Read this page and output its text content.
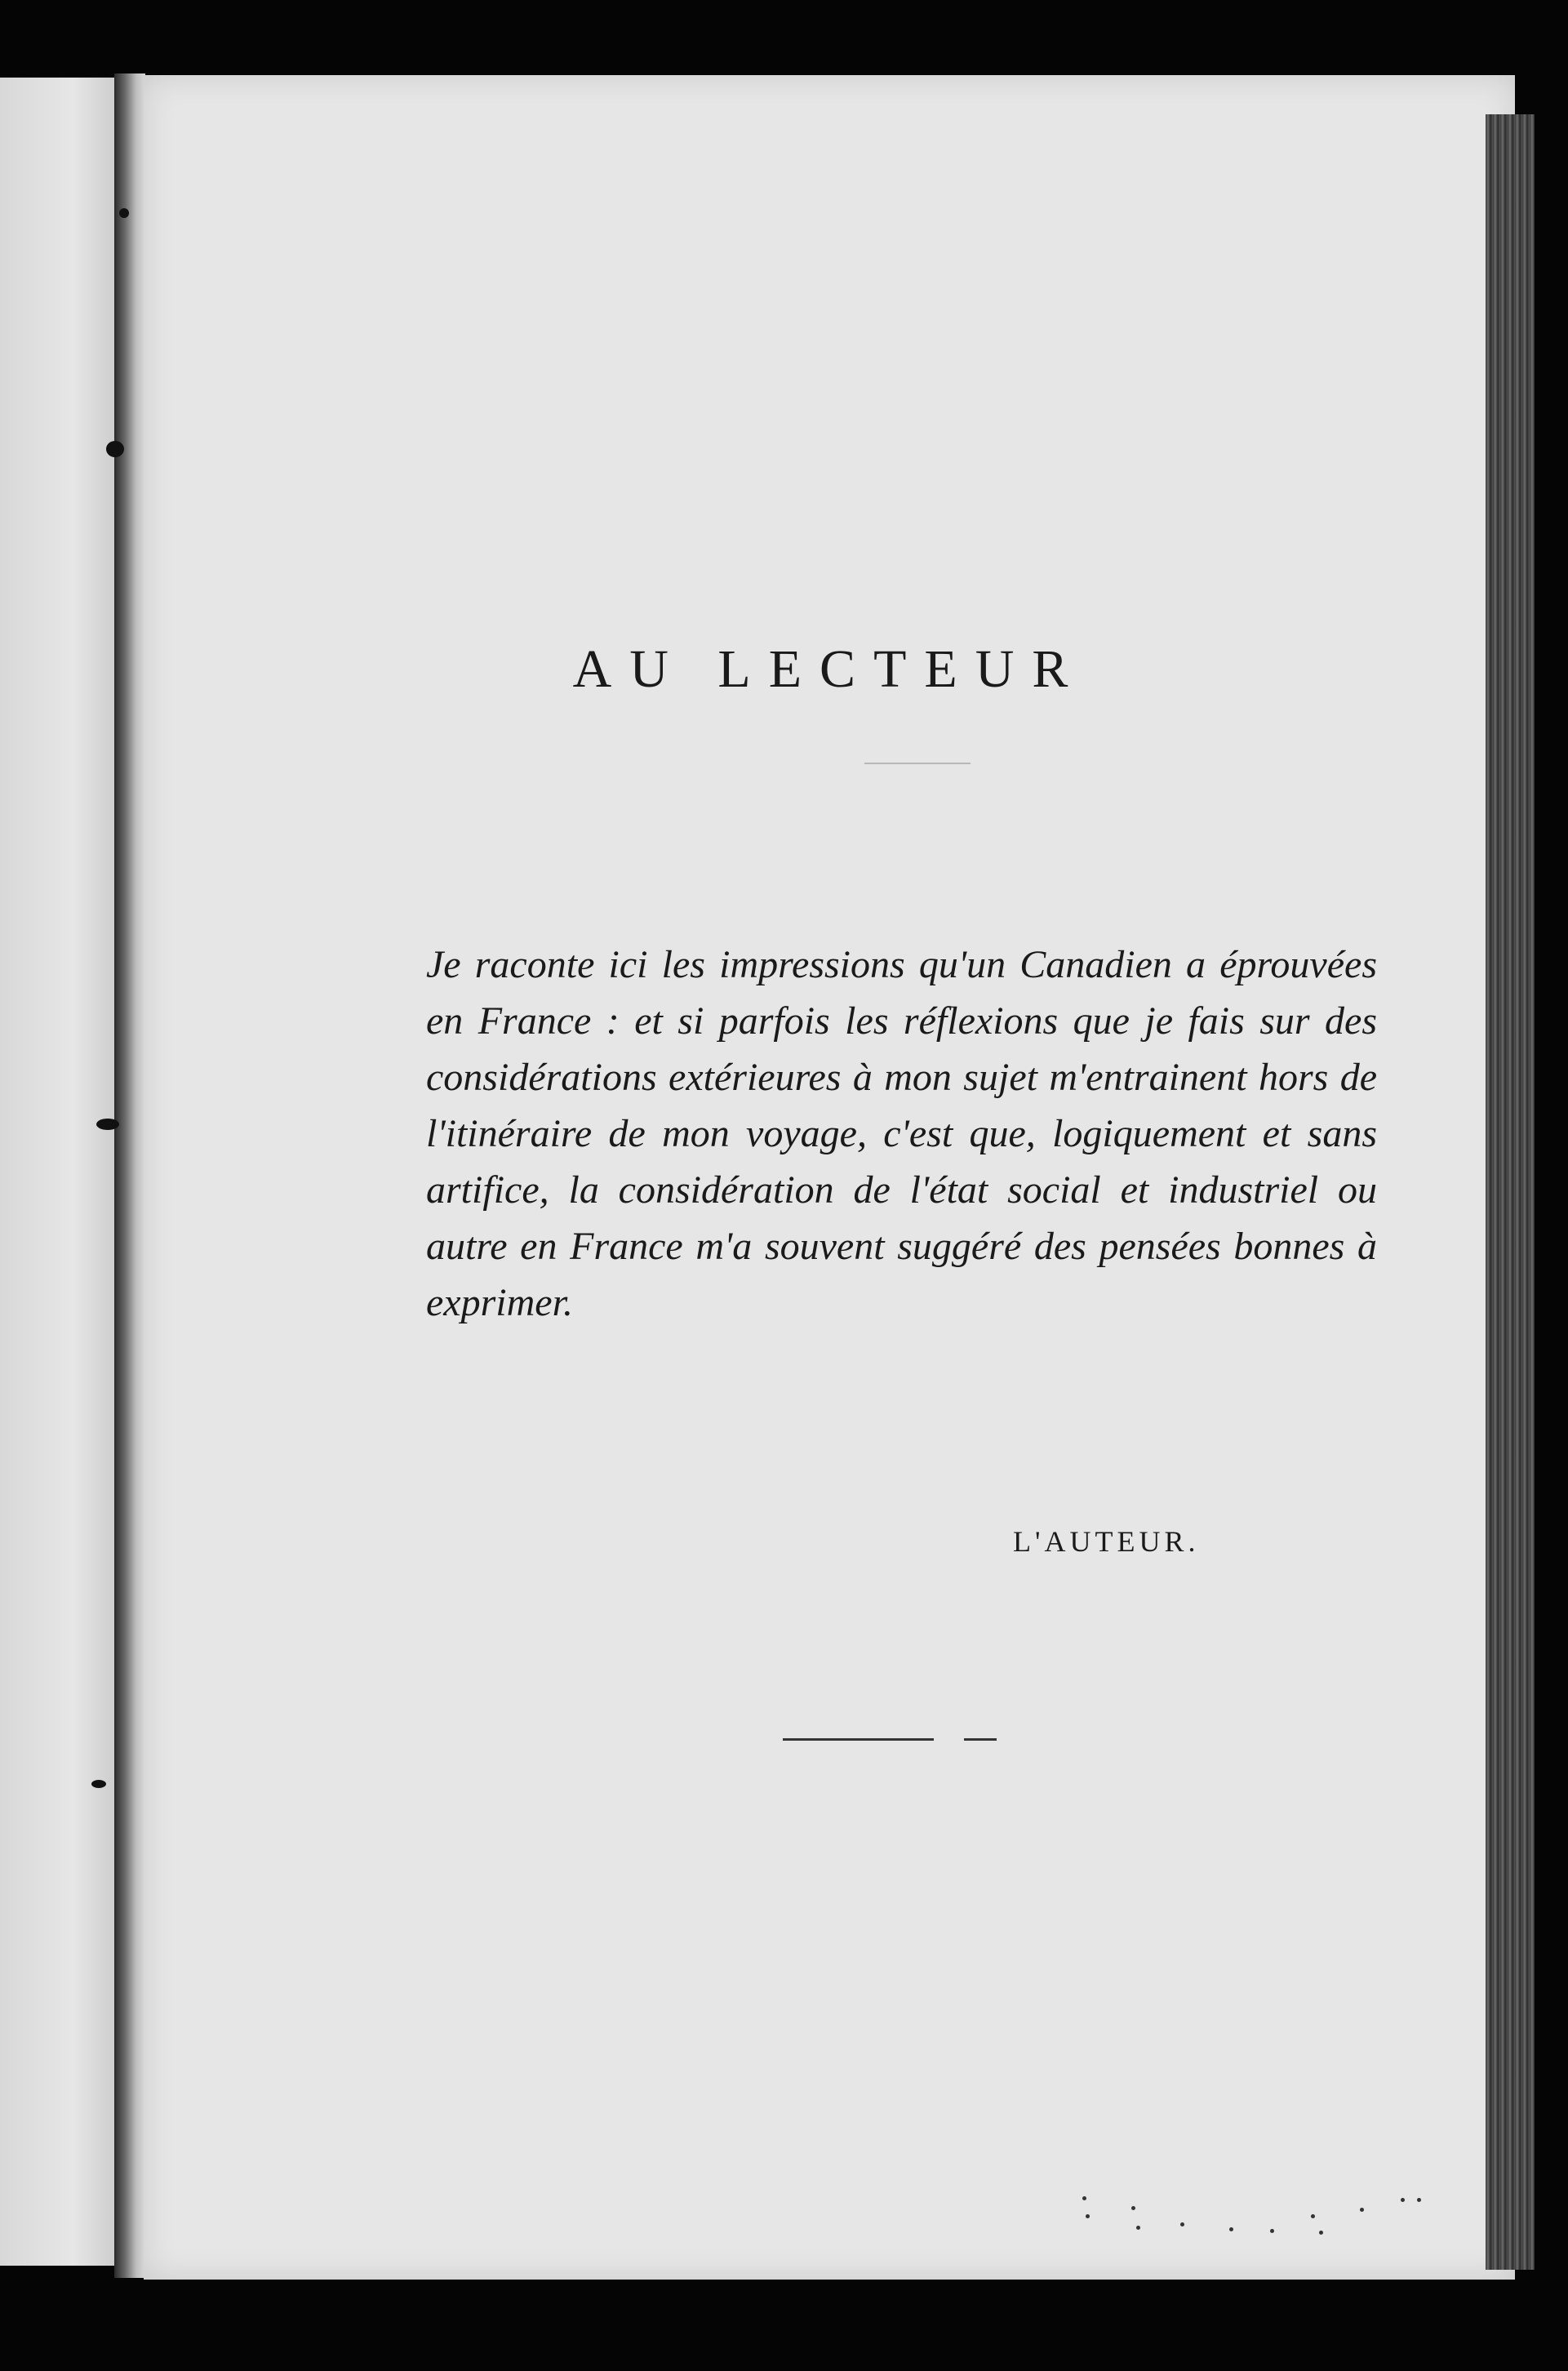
AU LECTEUR

Je raconte ici les impressions qu'un Canadien a éprouvées en France : et si parfois les réflexions que je fais sur des considérations extérieures à mon sujet m'entrainent hors de l'itinéraire de mon voyage, c'est que, logiquement et sans artifice, la considération de l'état social et industriel ou autre en France m'a souvent suggéré des pensées bonnes à exprimer.

L'AUTEUR.
